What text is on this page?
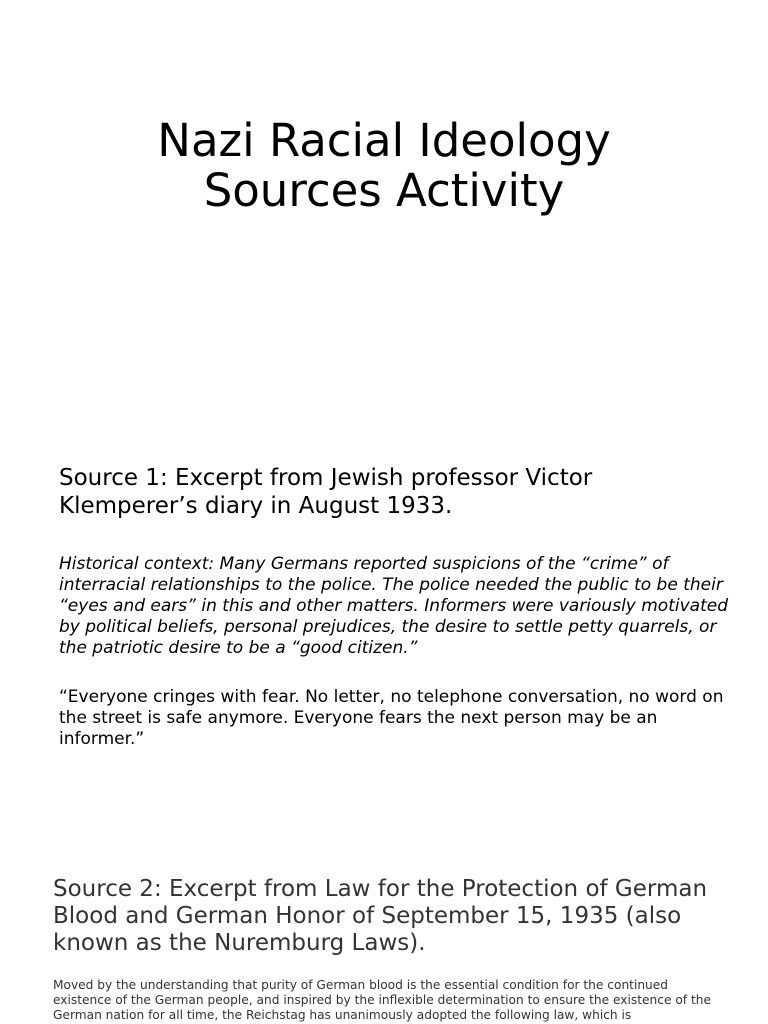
Nazi Racial Ideology
Sources Activity
Source 1: Excerpt from Jewish professor Victor Klemperer’s diary in August 1933.
Historical context: Many Germans reported suspicions of the “crime” of interracial relationships to the police. The police needed the public to be their “eyes and ears” in this and other matters. Informers were variously motivated by political beliefs, personal prejudices, the desire to settle petty quarrels, or the patriotic desire to be a “good citizen.”
“Everyone cringes with fear. No letter, no telephone conversation, no word on the street is safe anymore. Everyone fears the next person may be an informer.”
Source 2: Excerpt from Law for the Protection of German Blood and German Honor of September 15, 1935 (also known as the Nuremburg Laws).
Moved by the understanding that purity of German blood is the essential condition for the continued existence of the German people, and inspired by the inflexible determination to ensure the existence of the German nation for all time, the Reichstag has unanimously adopted the following law, which is
